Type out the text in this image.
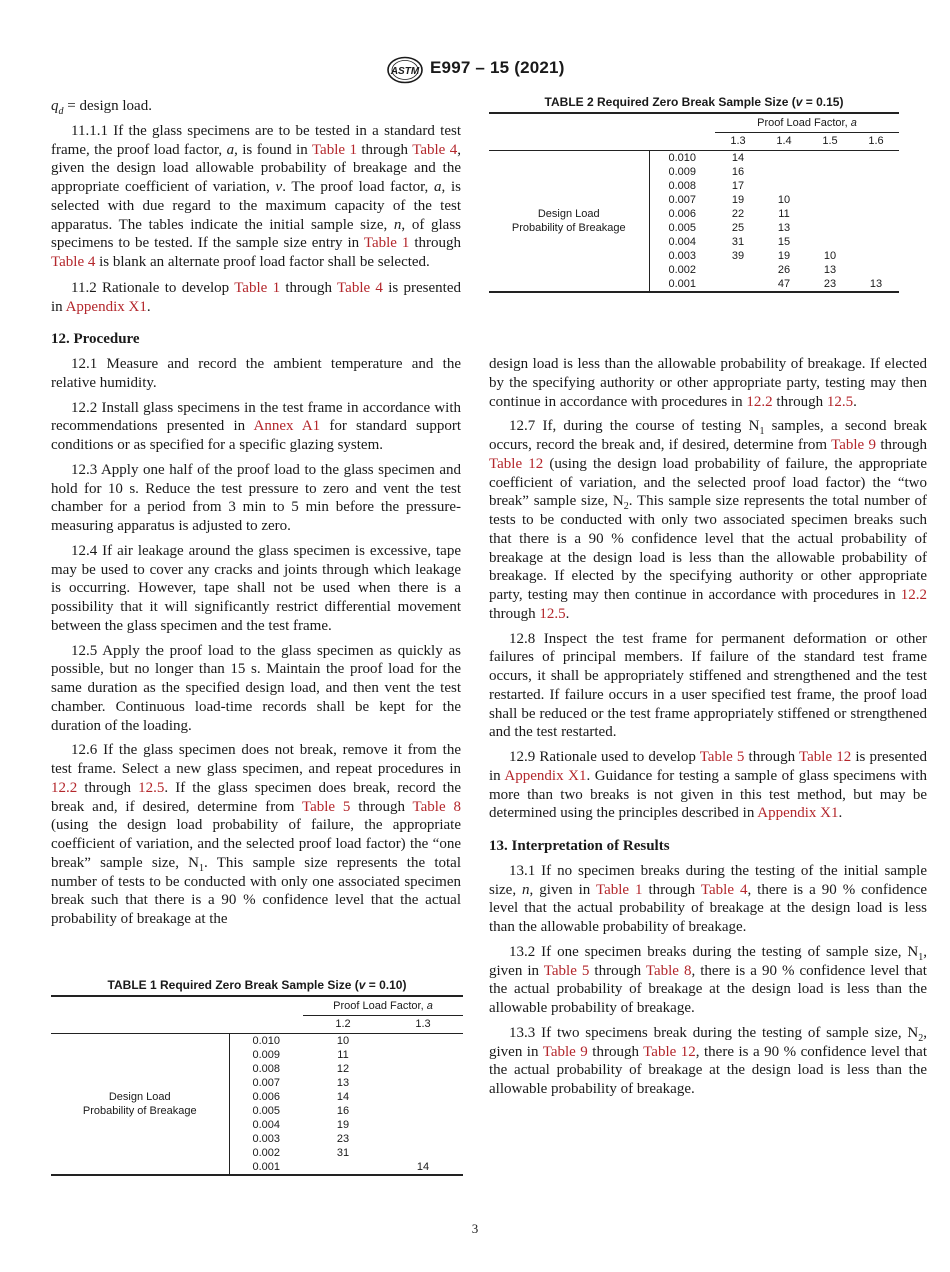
ASTM E997 – 15 (2021)

$q_d$ = design load.

11.1.1 If the glass specimens are to be tested in a standard test frame, the proof load factor, a, is found in Table 1 through Table 4, given the design load allowable probability of breakage and the appropriate coefficient of variation, v. The proof load factor, a, is selected with due regard to the maximum capacity of the test apparatus. The tables indicate the initial sample size, n, of glass specimens to be tested. If the sample size entry in Table 1 through Table 4 is blank an alternate proof load factor shall be selected.

11.2 Rationale to develop Table 1 through Table 4 is presented in Appendix X1.

12. Procedure

12.1 Measure and record the ambient temperature and the relative humidity.

12.2 Install glass specimens in the test frame in accordance with recommendations presented in Annex A1 for standard support conditions or as specified for a specific glazing system.

12.3 Apply one half of the proof load to the glass specimen and hold for 10 s. Reduce the test pressure to zero and vent the test chamber for a period from 3 min to 5 min before the pressure-measuring apparatus is adjusted to zero.

12.4 If air leakage around the glass specimen is excessive, tape may be used to cover any cracks and joints through which leakage is occurring. However, tape shall not be used when there is a possibility that it will significantly restrict differential movement between the glass specimen and the test frame.

12.5 Apply the proof load to the glass specimen as quickly as possible, but no longer than 15 s. Maintain the proof load for the same duration as the specified design load, and then vent the test chamber. Continuous load-time records shall be kept for the duration of the loading.

12.6 If the glass specimen does not break, remove it from the test frame. Select a new glass specimen, and repeat procedures in 12.2 through 12.5. If the glass specimen does break, record the break and, if desired, determine from Table 5 through Table 8 (using the design load probability of failure, the appropriate coefficient of variation, and the selected proof load factor) the “one break” sample size, $N_1$. This sample size represents the total number of tests to be conducted with only one associated specimen break such that there is a 90 % confidence level that the actual probability of breakage at the

TABLE 1 Required Zero Break Sample Size (v = 0.10)
		Proof Load Factor, a	
		1.2	1.3

Design Load
Probability of Breakage	0.010	10	
	0.009	11	
	0.008	12	
	0.007	13	
	0.006	14	
	0.005	16	
	0.004	19	
	0.003	23	
	0.002	31	
	0.001		14
TABLE 2 Required Zero Break Sample Size (v = 0.15)
		Proof Load Factor, a			
		1.3	1.4	1.5	1.6

Design Load
Probability of Breakage	0.010	14			
	0.009	16			
	0.008	17			
	0.007	19	10		
	0.006	22	11		
	0.005	25	13		
	0.004	31	15		
	0.003	39	19	10	
	0.002		26	13	
	0.001		47	23	13

design load is less than the allowable probability of breakage. If elected by the specifying authority or other appropriate party, testing may then continue in accordance with procedures in 12.2 through 12.5.

12.7 If, during the course of testing $N_1$ samples, a second break occurs, record the break and, if desired, determine from Table 9 through Table 12 (using the design load probability of failure, the appropriate coefficient of variation, and the selected proof load factor) the “two break” sample size, $N_2$. This sample size represents the total number of tests to be conducted with only two associated specimen breaks such that there is a 90 % confidence level that the actual probability of breakage at the design load is less than the allowable probability of breakage. If elected by the specifying authority or other appropriate party, testing may then continue in accordance with procedures in 12.2 through 12.5.

12.8 Inspect the test frame for permanent deformation or other failures of principal members. If failure of the standard test frame occurs, it shall be appropriately stiffened and strengthened and the test restarted. If failure occurs in a user specified test frame, the proof load shall be reduced or the test frame appropriately stiffened or strengthened and the test restarted.

12.9 Rationale used to develop Table 5 through Table 12 is presented in Appendix X1. Guidance for testing a sample of glass specimens with more than two breaks is not given in this test method, but may be determined using the principles described in Appendix X1.

13. Interpretation of Results

13.1 If no specimen breaks during the testing of the initial sample size, n, given in Table 1 through Table 4, there is a 90 % confidence level that the actual probability of breakage at the design load is less than the allowable probability of breakage.

13.2 If one specimen breaks during the testing of sample size, $N_1$, given in Table 5 through Table 8, there is a 90 % confidence level that the actual probability of breakage at the design load is less than the allowable probability of breakage.

13.3 If two specimens break during the testing of sample size, $N_2$, given in Table 9 through Table 12, there is a 90 % confidence level that the actual probability of breakage at the design load is less than the allowable probability of breakage.

3
